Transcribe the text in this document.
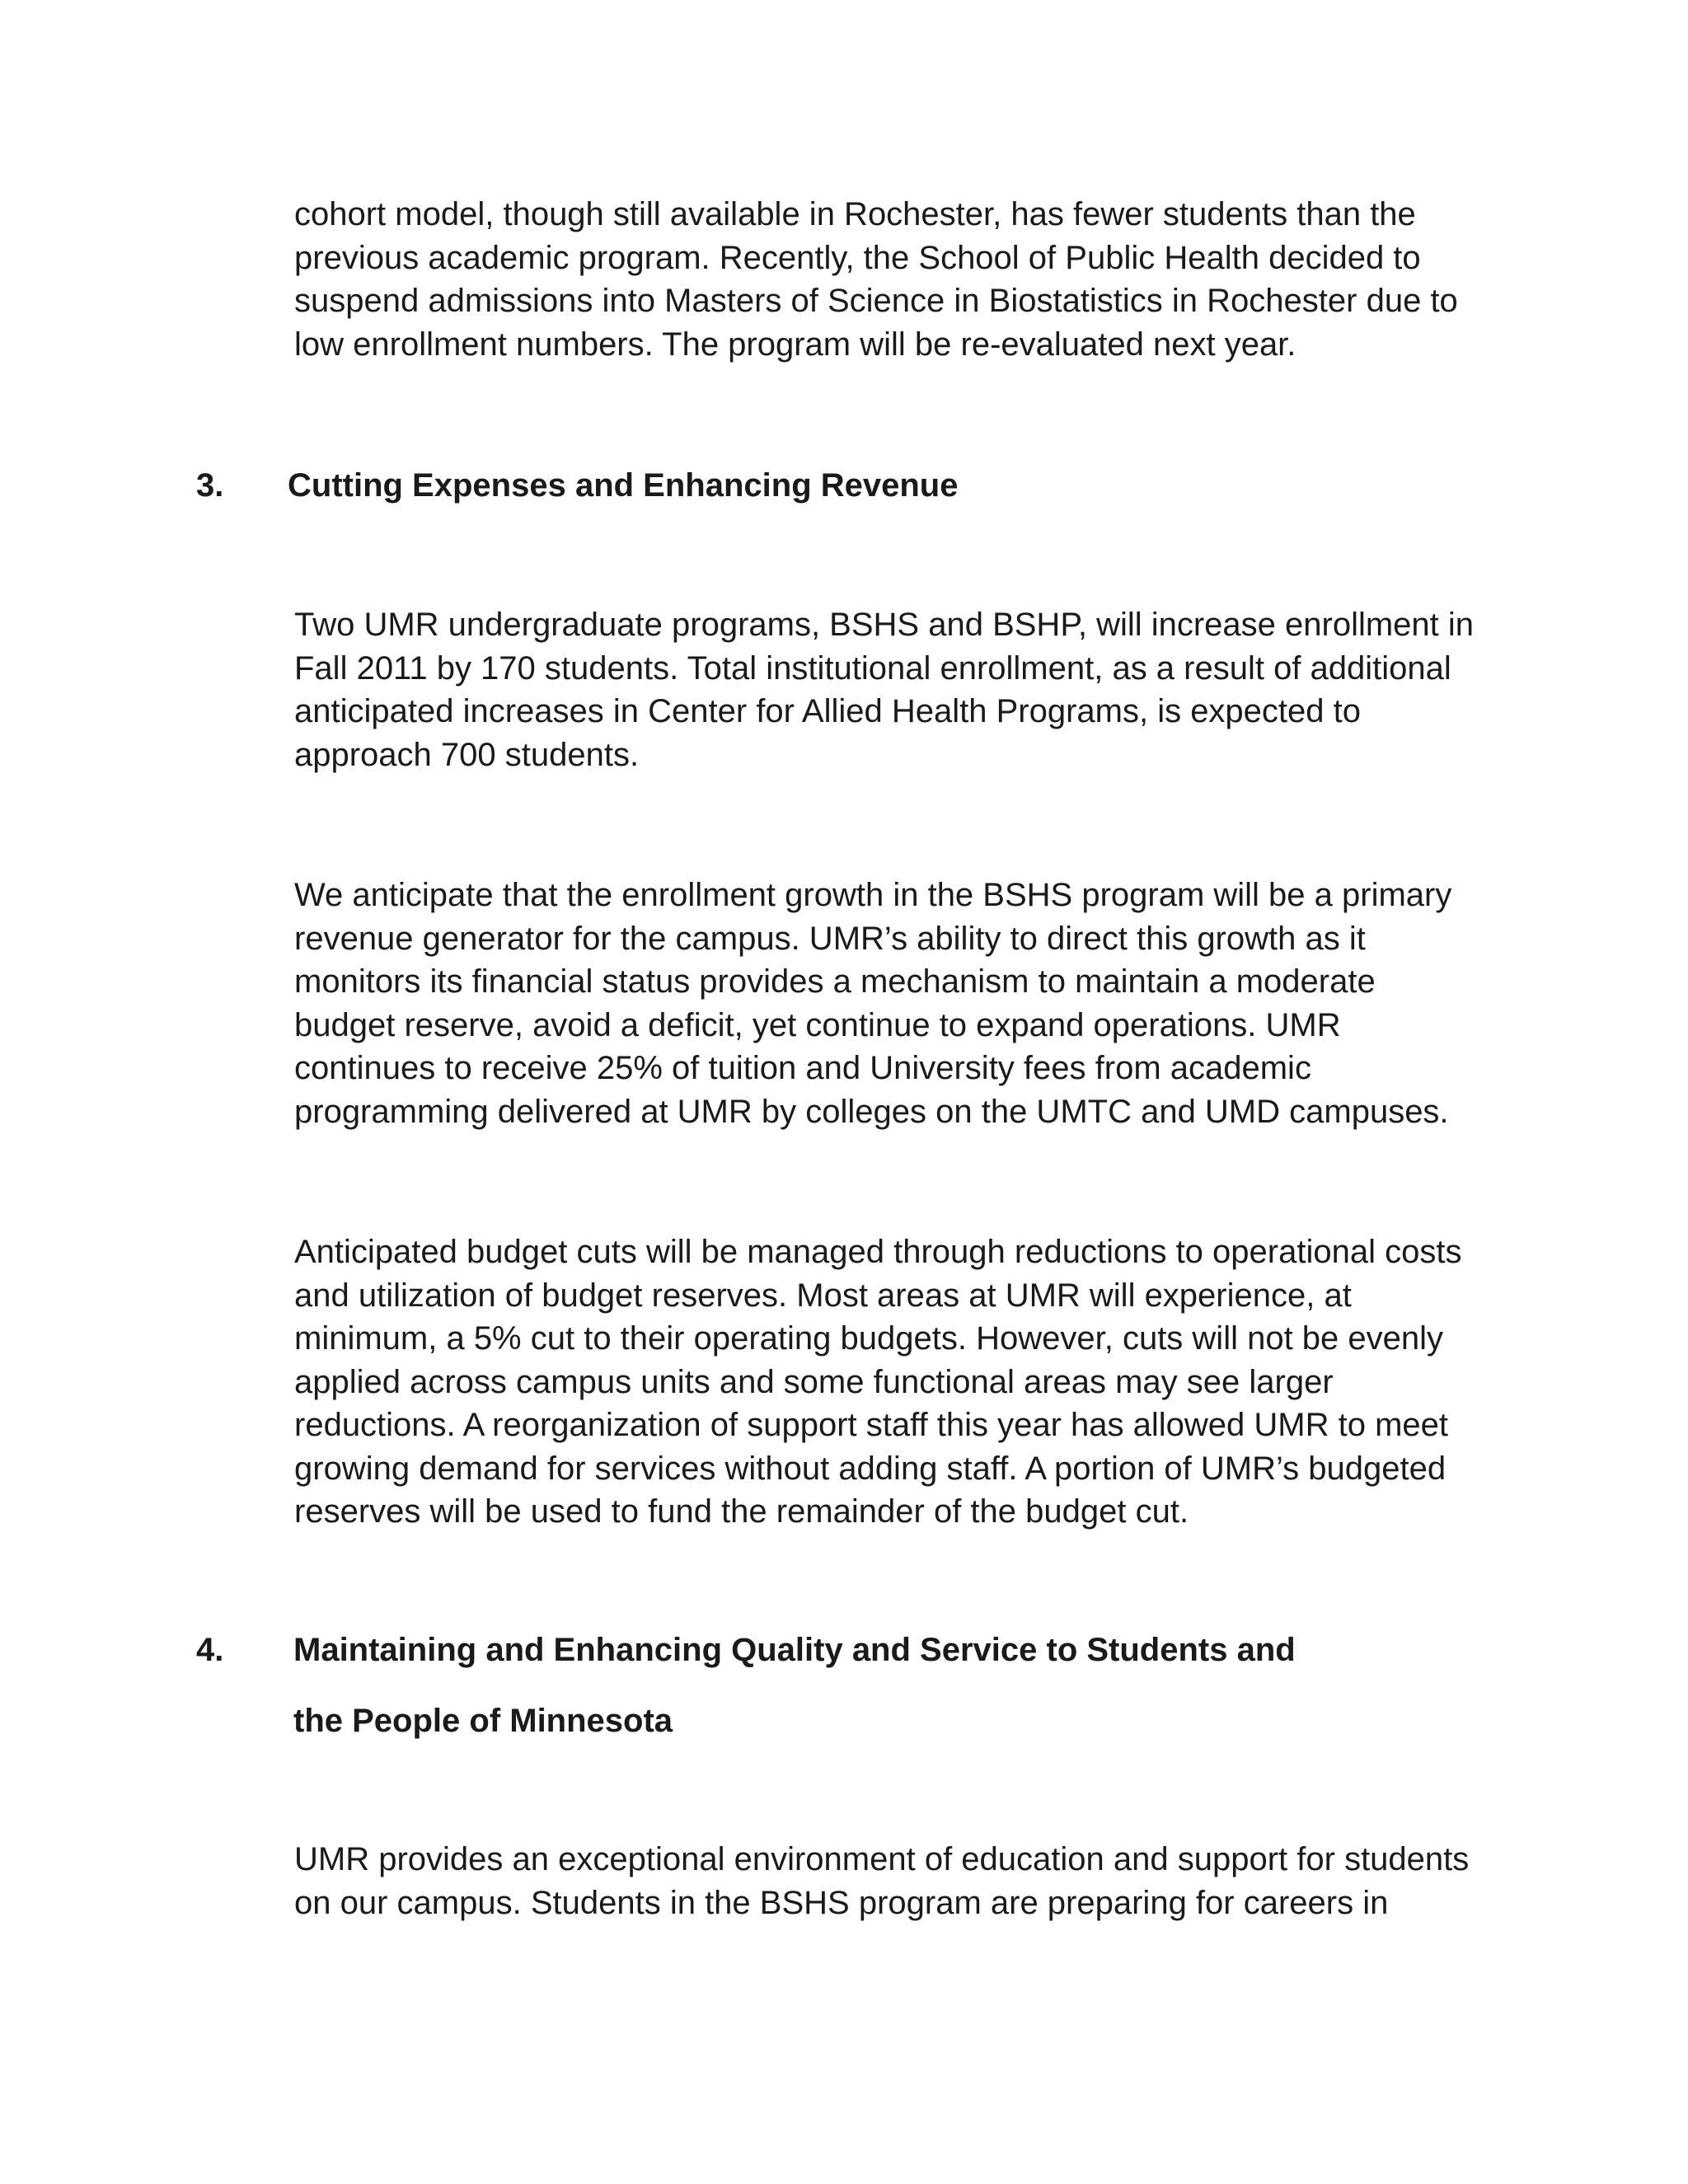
cohort model, though still available in Rochester, has fewer students than the
previous academic program. Recently, the School of Public Health decided to
suspend admissions into Masters of Science in Biostatistics in Rochester due to
low enrollment numbers. The program will be re-evaluated next year.

3. Cutting Expenses and Enhancing Revenue

Two UMR undergraduate programs, BSHS and BSHP, will increase enrollment in
Fall 2011 by 170 students. Total institutional enrollment, as a result of additional
anticipated increases in Center for Allied Health Programs, is expected to
approach 700 students.

We anticipate that the enrollment growth in the BSHS program will be a primary
revenue generator for the campus. UMR’s ability to direct this growth as it
monitors its financial status provides a mechanism to maintain a moderate
budget reserve, avoid a deficit, yet continue to expand operations. UMR
continues to receive 25% of tuition and University fees from academic
programming delivered at UMR by colleges on the UMTC and UMD campuses.

Anticipated budget cuts will be managed through reductions to operational costs
and utilization of budget reserves. Most areas at UMR will experience, at
minimum, a 5% cut to their operating budgets. However, cuts will not be evenly
applied across campus units and some functional areas may see larger
reductions. A reorganization of support staff this year has allowed UMR to meet
growing demand for services without adding staff. A portion of UMR’s budgeted
reserves will be used to fund the remainder of the budget cut.

4. Maintaining and Enhancing Quality and Service to Students and
the People of Minnesota

UMR provides an exceptional environment of education and support for students
on our campus. Students in the BSHS program are preparing for careers in
